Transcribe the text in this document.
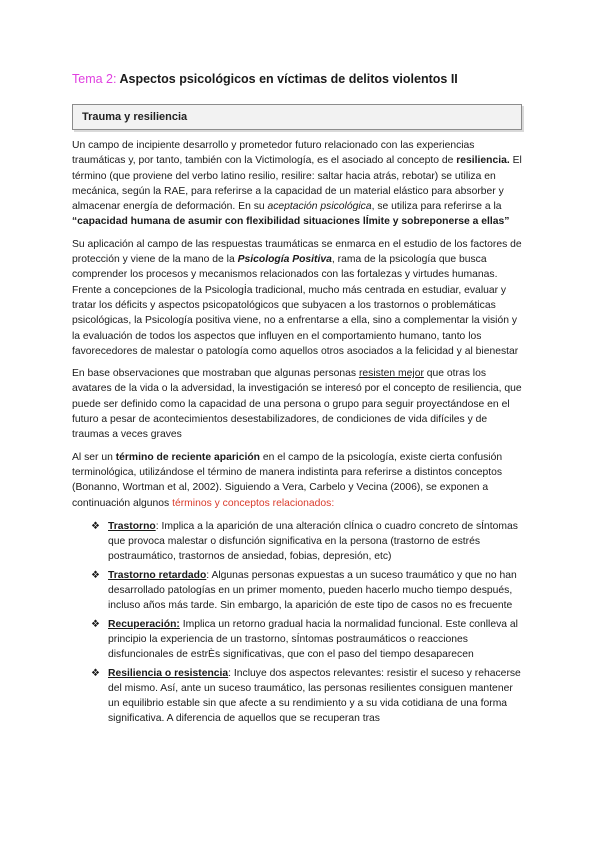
Tema 2: Aspectos psicológicos en víctimas de delitos violentos II
Trauma y resiliencia

Un campo de incipiente desarrollo y prometedor futuro relacionado con las experiencias traumáticas y, por tanto, también con la Victimología, es el asociado al concepto de resiliencia. El término (que proviene del verbo latino resilio, resilire: saltar hacia atrás, rebotar) se utiliza en mecánica, según la RAE, para referirse a la capacidad de un material elástico para absorber y almacenar energía de deformación. En su aceptación psicológica, se utiliza para referirse a la “capacidad humana de asumir con flexibilidad situaciones lÍmite y sobreponerse a ellas”

Su aplicación al campo de las respuestas traumáticas se enmarca en el estudio de los factores de protección y viene de la mano de la Psicología Positiva, rama de la psicología que busca comprender los procesos y mecanismos relacionados con las fortalezas y virtudes humanas. Frente a concepciones de la Psicologİa tradicional, mucho más centrada en estudiar, evaluar y tratar los déficits y aspectos psicopatológicos que subyacen a los trastornos o problemáticas psicológicas, la Psicología positiva viene, no a enfrentarse a ella, sino a complementar la visión y la evaluación de todos los aspectos que influyen en el comportamiento humano, tanto los favorecedores de malestar o patología como aquellos otros asociados a la felicidad y al bienestar

En base observaciones que mostraban que algunas personas resisten mejor que otras los avatares de la vida o la adversidad, la investigación se interesó por el concepto de resiliencia, que puede ser definido como la capacidad de una persona o grupo para seguir proyectándose en el futuro a pesar de acontecimientos desestabilizadores, de condiciones de vida difíciles y de traumas a veces graves

Al ser un término de reciente aparición en el campo de la psicología, existe cierta confusión terminológica, utilizándose el término de manera indistinta para referirse a distintos conceptos (Bonanno, Wortman et al, 2002). Siguiendo a Vera, Carbelo y Vecina (2006), se exponen a continuación algunos términos y conceptos relacionados:

❖ Trastorno: Implica a la aparición de una alteración clÍnica o cuadro concreto de sÍntomas que provoca malestar o disfunción significativa en la persona (trastorno de estrés postraumático, trastornos de ansiedad, fobias, depresión, etc)
❖ Trastorno retardado: Algunas personas expuestas a un suceso traumático y que no han desarrollado patologías en un primer momento, pueden hacerlo mucho tiempo después, incluso años más tarde. Sin embargo, la aparición de este tipo de casos no es frecuente
❖ Recuperación: Implica un retorno gradual hacia la normalidad funcional. Este conlleva al principio la experiencia de un trastorno, sÍntomas postraumáticos o reacciones disfuncionales de estrÈs significativas, que con el paso del tiempo desaparecen
❖ Resiliencia o resistencia: Incluye dos aspectos relevantes: resistir el suceso y rehacerse del mismo. Así, ante un suceso traumático, las personas resilientes consiguen mantener un equilibrio estable sin que afecte a su rendimiento y a su vida cotidiana de una forma significativa. A diferencia de aquellos que se recuperan tras
